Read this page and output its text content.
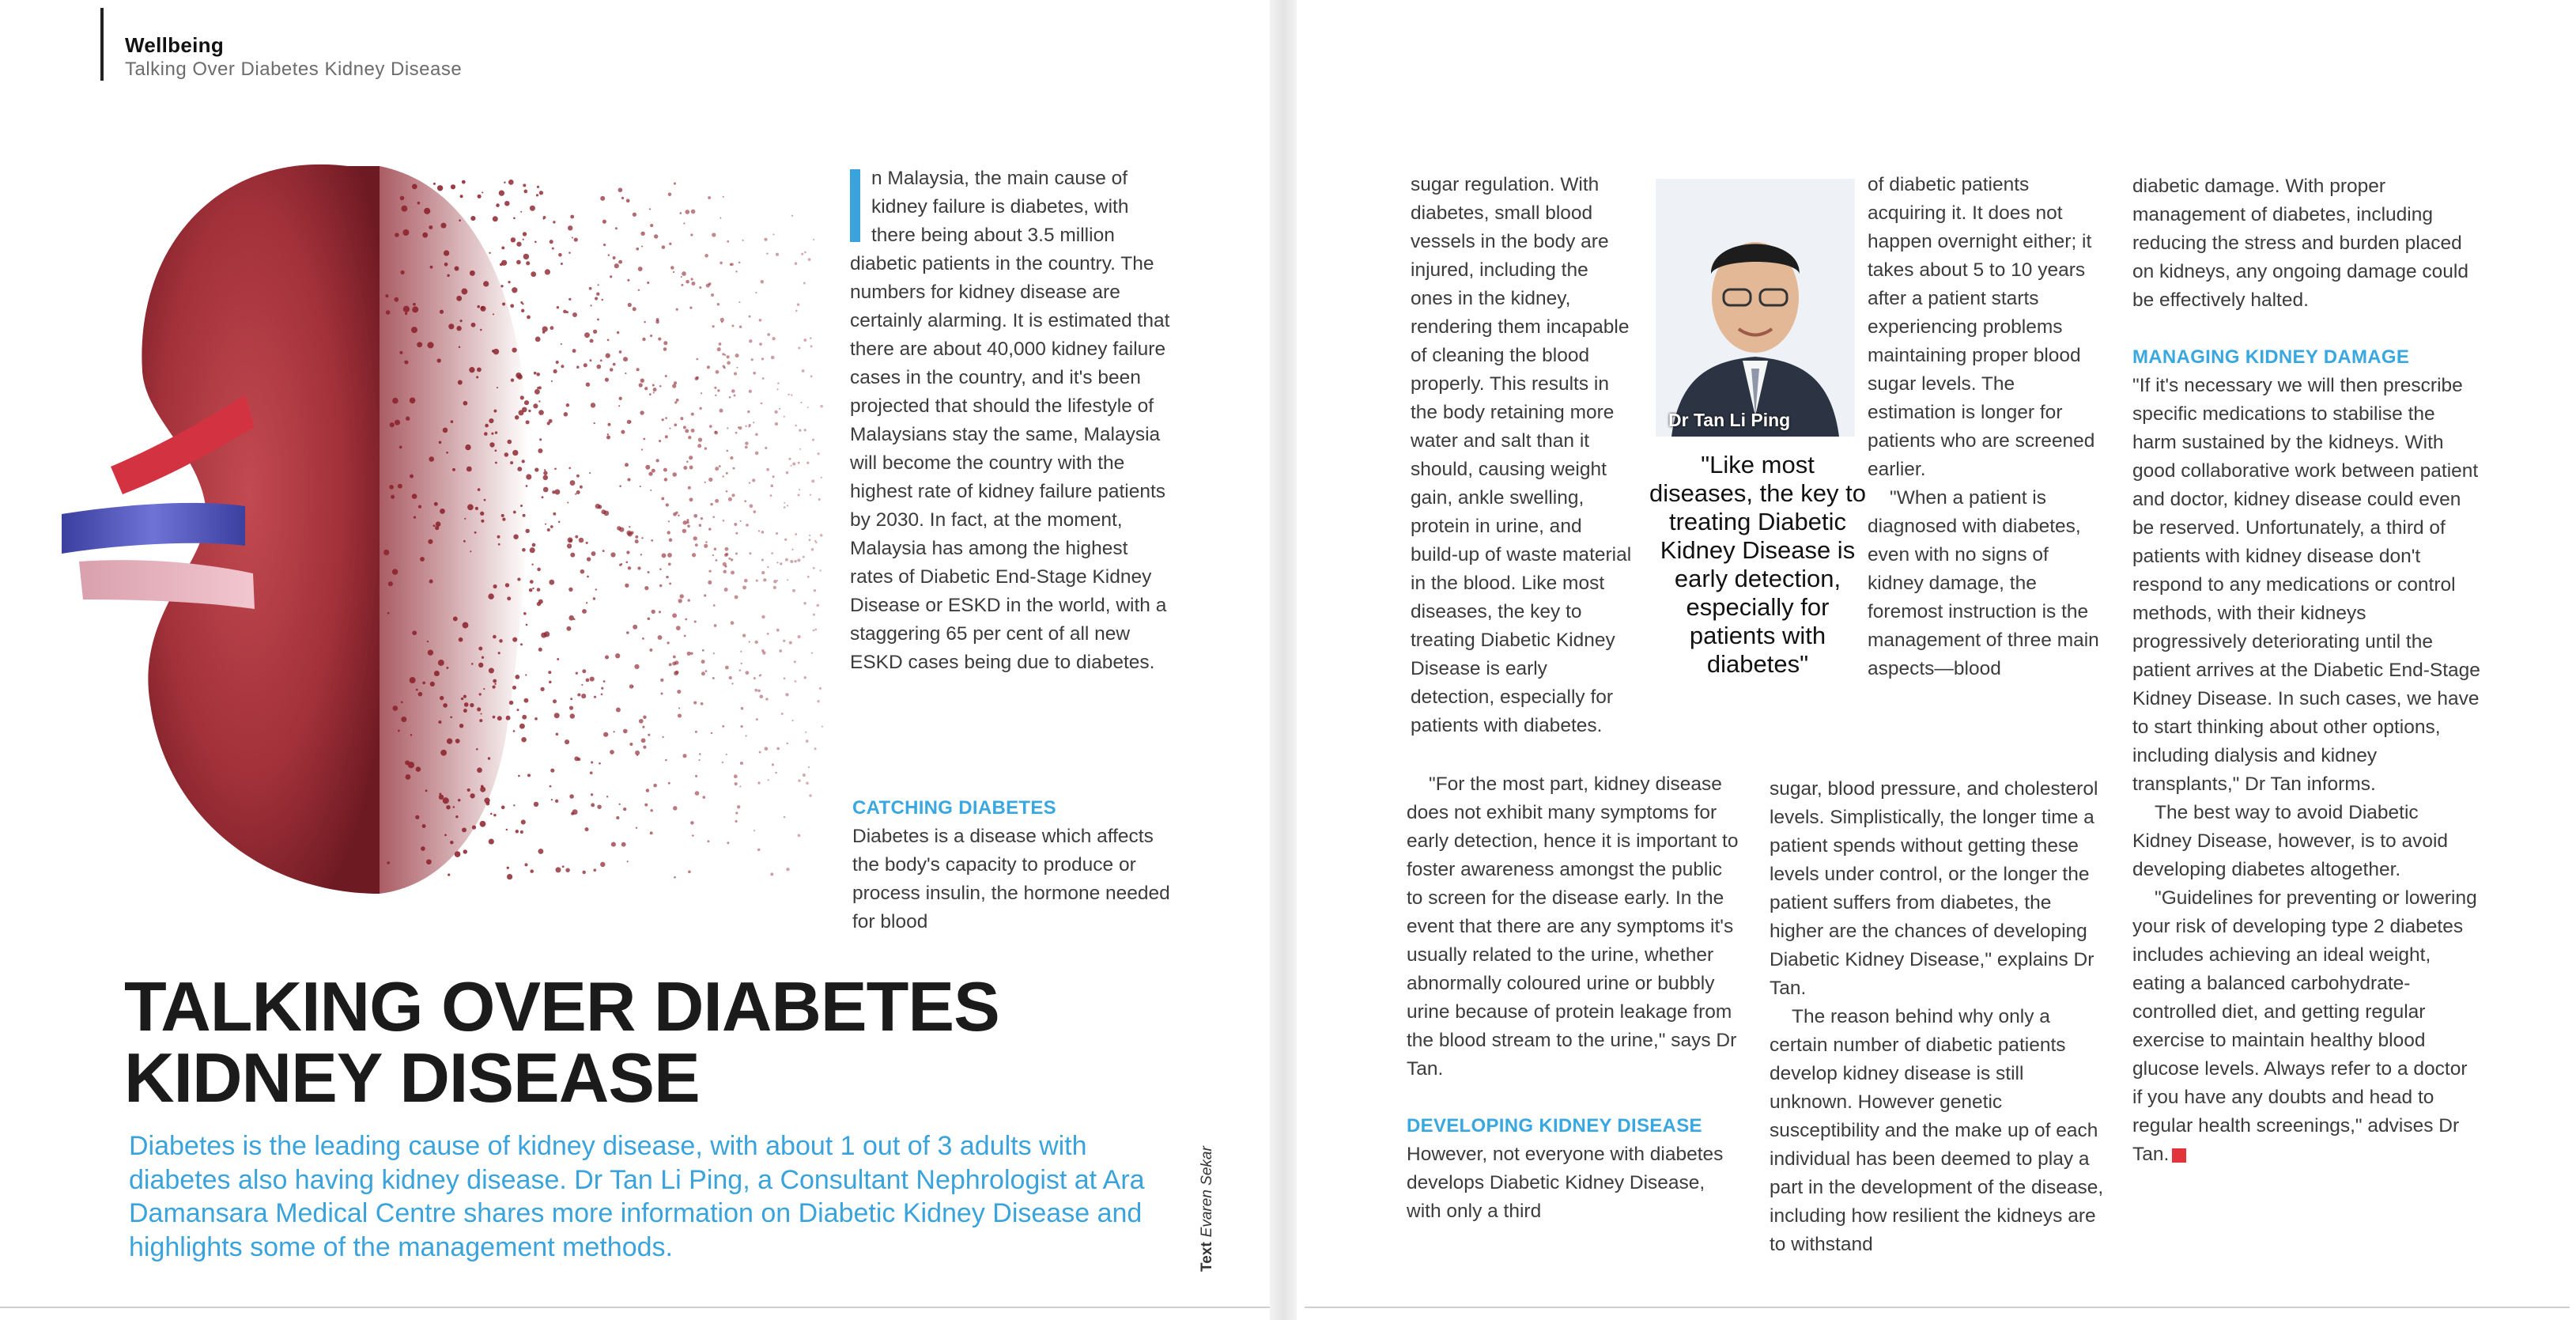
Wellbeing
Talking Over Diabetes Kidney Disease

n Malaysia, the main cause of kidney failure is diabetes, with there being about 3.5 million diabetic patients in the country. The numbers for kidney disease are certainly alarming. It is estimated that there are about 40,000 kidney failure cases in the country, and it's been projected that should the lifestyle of Malaysians stay the same, Malaysia will become the country with the highest rate of kidney failure patients by 2030. In fact, at the moment, Malaysia has among the highest rates of Diabetic End-Stage Kidney Disease or ESKD in the world, with a staggering 65 per cent of all new ESKD cases being due to diabetes.

CATCHING DIABETES

Diabetes is a disease which affects the body's capacity to produce or process insulin, the hormone needed for blood

TALKING OVER DIABETES
KIDNEY DISEASE
Diabetes is the leading cause of kidney disease, with about 1 out of 3 adults with diabetes also having kidney disease. Dr Tan Li Ping, a Consultant Nephrologist at Ara Damansara Medical Centre shares more information on Diabetic Kidney Disease and highlights some of the management methods.	TextEvaren Sekar

sugar regulation. With diabetes, small blood vessels in the body are injured, including the ones in the kidney, rendering them incapable of cleaning the blood properly. This results in the body retaining more water and salt than it should, causing weight gain, ankle swelling, protein in urine, and build-up of waste material in the blood. Like most diseases, the key to treating Diabetic Kidney Disease is early detection, especially for patients with diabetes.

"For the most part, kidney disease does not exhibit many symptoms for early detection, hence it is important to foster awareness amongst the public to screen for the disease early. In the event that there are any symptoms it's usually related to the urine, whether abnormally coloured urine or bubbly urine because of protein leakage from the blood stream to the urine," says Dr Tan.

DEVELOPING KIDNEY DISEASE

However, not everyone with diabetes develops Diabetic Kidney Disease, with only a third

Dr Tan Li Ping
"Like most diseases, the key to treating Diabetic Kidney Disease is early detection, especially for patients with diabetes"

of diabetic patients acquiring it. It does not happen overnight either; it takes about 5 to 10 years after a patient starts experiencing problems maintaining proper blood sugar levels. The estimation is longer for patients who are screened earlier.

"When a patient is diagnosed with diabetes, even with no signs of kidney damage, the foremost instruction is the management of three main aspects—blood

sugar, blood pressure, and cholesterol levels. Simplistically, the longer time a patient spends without getting these levels under control, or the longer the patient suffers from diabetes, the higher are the chances of developing Diabetic Kidney Disease," explains Dr Tan.

The reason behind why only a certain number of diabetic patients develop kidney disease is still unknown. However genetic susceptibility and the make up of each individual has been deemed to play a part in the development of the disease, including how resilient the kidneys are to withstand

diabetic damage. With proper management of diabetes, including reducing the stress and burden placed on kidneys, any ongoing damage could be effectively halted.

MANAGING KIDNEY DAMAGE

"If it's necessary we will then prescribe specific medications to stabilise the harm sustained by the kidneys. With good collaborative work between patient and doctor, kidney disease could even be reserved. Unfortunately, a third of patients with kidney disease don't respond to any medications or control methods, with their kidneys progressively deteriorating until the patient arrives at the Diabetic End-Stage Kidney Disease. In such cases, we have to start thinking about other options, including dialysis and kidney transplants," Dr Tan informs.

The best way to avoid Diabetic Kidney Disease, however, is to avoid developing diabetes altogether.

"Guidelines for preventing or lowering your risk of developing type 2 diabetes includes achieving an ideal weight, eating a balanced carbohydrate-controlled diet, and getting regular exercise to maintain healthy blood glucose levels. Always refer to a doctor if you have any doubts and head to regular health screenings," advises Dr Tan. C
